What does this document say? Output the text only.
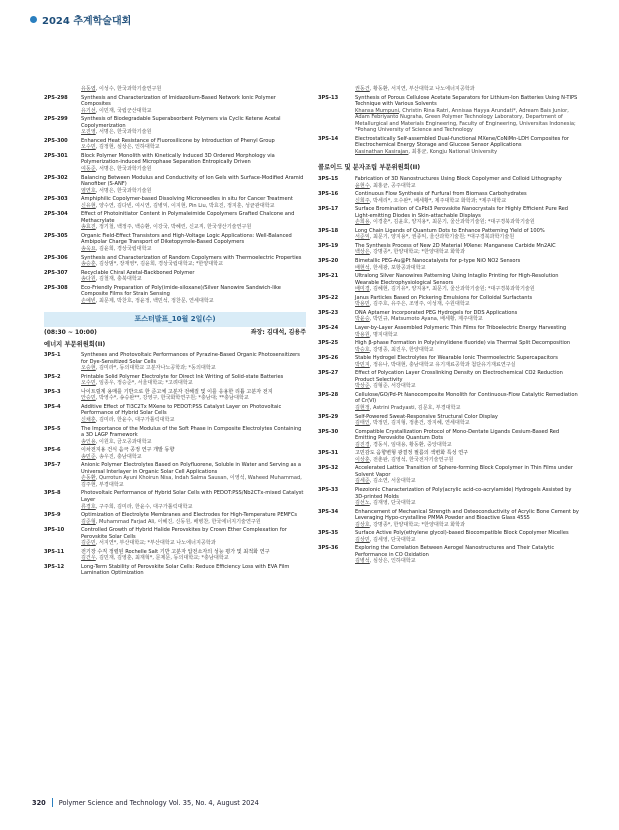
2024 추계학술대회
유동엽, 이성수, 한국과학기술연구원
2PS-298	Synthesis and Characterization of Imidazolium-Based Network Ionic Polymer Composites
유기선, 이민재, 국립군산대학교
2PS-299	Synthesis of Biodegradable Superabsorbent Polymers via Cyclic Ketene Acetal Copolymerization
오진영, 서명은, 한국과학기술원
2PS-300	Enhanced Heat Resistance of Fluorosilicone by Introduction of Phenyl Group
오수민, 김정현, 심상은, 인하대학교
2PS-301	Block Polymer Monolith with Kinetically Induced 3D Ordered Morphology via Polymerization-induced Microphase Separation Entropically Driven
여동준, 서명은, 한국과학기술원
2PS-302	Balancing Between Modulus and Conductivity of Ion Gels with Surface-Modified Aramid Nanofiber (S-ANF)
염연호, 서명은, 한국과학기술원
2PS-303	Amphiphilic Copolymer-based Dissolving Microneedles in situ for Cancer Treatment
신유현, 양수연, 김다빈, 여시연, 김병익, 이지현, Pin Liu, 박효진, 정지훈, 성균관대학교
2PS-304	Effect of Photoinitiator Content in Polymaleimide Copolymers Grafted Chalcone and Methacrylate
송효진, 정기철, 백정주, 백승환, 이강국, 박혜린, 신교직, 한국생산기술연구원
2PS-305	Organic Field-Effect Transistors and High-Voltage Logic Applications: Well-Balanced Ambipolar Charge Transport of Diketopyrrole-Based Copolymers
송욱요, 김윤희, 경상국립대학교
2PS-306	Synthesis and Characterization of Random Copolymers with Thermoelectric Properties
송승훈, 김상범*, 장재영*, 김윤희, 경상국립대학교; *한양대학교
2PS-307	Recyclable Chiral Azetal-Backboned Polymer
송다원, 김철재, 충북대학교
2PS-308	Eco-Friendly Preparation of Poly(imide-siloxane)/Silver Nanowire Sandwich-like Composite Films for Strain Sensing
손예빈, 최문제, 박찬호, 정윤정, 백민석, 정찬문, 연세대학교
포스터발표_10월 2일(수)
(08:30 ~ 10:00)	좌장: 김대석, 김용주
에너지 부문위원회(II)
3PS-1	Syntheses and Photovoltaic Performances of Pyrazine-Based Organic Photosensitizers for Dye-Sensitized Solar Cells
오승현, 김미라*, 동의대학교 고분자나노공학과; *동의대학교
3PS-2	Printable Solid Polymer Electrolyte for Direct Ink Writing of Solid-state Batteries
오수민, 임종우, 정승준*, 서울대학교; *고려대학교
3PS-3	나이트릴계 용매를 기반으로 한 준고체 고분자 전해질 및 이를 응용한 리튬 고분자 전지
안승민, 박영수*, 송승완**, 강영구, 한국화학연구원; *충남대; **충남대학교
3PS-4	Additive Effect of Ti3C2Tx MXene to PEDOT:PSS Catalyst Layer on Photovoltaic Performance of Hybrid Solar Cells
신채훈, 김미라, 한윤수, 대구가톨릭대학교
3PS-5	The Importance of the Modulus of the Soft Phase in Composite Electrolytes Containing a 3D LAGP Framework
송인용, 이원호, 금오공과대학교
3PS-6	이차전지용 건식 음극 공정 연구 개발 동향
송민준, 송우진, 충남대학교
3PS-7	Anionic Polymer Electrolytes Based on Polyfluorene, Soluble in Water and Serving as a Universal Interlayer in Organic Solar Cell Applications
손동환, Qurrotun Ayuni Khoirun Nisa, Indah Salma Sausan, 이영석, Waheed Muhammad, 김주현, 부경대학교
3PS-8	Photovoltaic Performance of Hybrid Solar Cells with PEDOT:PSS/Nb2CTx-mixed Catalyst Layer
류경호, 구주희, 김미라, 한윤수, 대구가톨릭대학교
3PS-9	Optimization of Electrolyte Membranes and Electrodes for High-Temperature PEMFCs
김준형, Muhammad Farjad Ali, 이혜진, 신동원, 배병찬, 한국에너지기술연구원
3PS-10	Controlled Growth of Hybrid Halide Perovskites by Crown Ether Complexation for Perovskite Solar Cells
김준민, 서지연*, 부산대학교; *부산대학교 나노에너지공학과
3PS-11	전기장 수직 정렬된 Rochelle Salt 기반 고분자 압전소자의 성능 평가 및 최적화 연구
김건우, 김민재, 김영훈, 최재혁*, 문제문, 동의대학교; *충남대학교
3PS-12	Long-Term Stability of Perovskite Solar Cells: Reduce Efficiency Loss with EVA Film Lamination Optimization
권동건, 황동환, 서지연, 부산대학교 나노에너지공학과
3PS-13	Synthesis of Porous Cellulose Acetate Separators for Lithium-Ion Batteries Using N-TIPS Technique with Various Solvents
Khansa Mumpuni, Christin Rina Ratri, Annisaa Hayya Arundati*, Adream Bais Junior, Adam Febriyanto Nugraha, Green Polymer Technology Laboratory, Department of Metallurgical and Materials Engineering, Faculty of Engineering, Universitas Indonesia; *Pohang University of Science and Technology
3PS-14	Electrostatically Self-assembled Dual-functional MXene/CoNiMn-LDH Composites for Electrochemical Energy Storage and Glucose Sensor Applications
Kasinathan Kasirajan, 최홍균, Kongju National University
콜로이드 및 분자조립 부문위원회(II)
3PS-15	Fabrication of 3D Nanostructures Using Block Copolymer and Colloid Lithography
윤현수, 최홍균, 공주대학교
3PS-16	Continuous Flow Synthesis of Furfural from Biomass Carbohydrates
신희주, 박세리*, 오수완*, 배세황*, 제주대학교 화학과; *제주대학교
3PS-17	Surface Bromination of CsPbI3 Perovskite Nanocrystals for Highly Efficient Pure Red Light-emitting Diodes in Skin-attachable Displays
손희용, 이경훈*, 김윤호, 양지용*, 최문기, 울산과학기술원; *대구경북과학기술원
3PS-18	Long Chain Ligands of Quantum Dots to Enhance Patterning Yield of 100%
서준익, 최문기, 양지용*, 권종익, 울산과학기술원; *대구경북과학기술원
3PS-19	The Synthesis Process of New 2D Material MXene: Manganese Carbide Mn2AlC
백상은, 강명종*, 한양대학교; *한양대학교 화학과
3PS-20	Bimetallic PEG-Au@Pt Nanocatalysts for p-type NiO NO2 Sensors
배현석, 한세광, 포항공과대학교
3PS-21	Ultralong Silver Nanowires Patterning Using Intaglio Printing for High-Resolution Wearable Electrophysiological Sensors
배미경, 김혜현, 김기유*, 양지용*, 최문기, 울산과학기술원; *대구경북과학기술원
3PS-22	Janus Particles Based on Pickering Emulsions for Colloidal Surfactants
박용민, 김주호, 유주은, 조영주, 이성재, 수원대학교
3PS-23	DNA Aptamer Incorporated PEG Hydrogels for DDS Applications
박윤승, 박민규, Matsumoto Ayana, 배세황, 제주대학교
3PS-24	Layer-by-Layer Assembled Polymeric Thin Films for Triboelectric Energy Harvesting
박용원, 명지대학교
3PS-25	High β-phase Formation in Poly(vinylidene fluoride) via Thermal Split Decomposition
박승호, 강명종, 최진우, 한양대학교
3PS-26	Stable Hydrogel Electrolytes for Wearable Ionic Thermoelectric Supercapacitors
박민지, 정유나, 박대현, 충남대학교 유기재료공학과 첨단유기재료연구실
3PS-27	Effect of Polycation Layer Crosslinking Density on Electrochemical CO2 Reduction Product Selectivity
박상준, 김형준, 서강대학교
3PS-28	Cellulose/GO/Pd-Pt Nanocomposite Monolith for Continuous-Flow Catalytic Remediation of Cr(VI)
김현정, Astrini Pradyasti, 김문호, 부경대학교
3PS-29	Self-Powered Sweat-Responsive Structural Color Display
김태인, 박정민, 김지형, 정춘건, 장지혜, 연세대학교
3PS-30	Compatible Crystallization Protocol of Mono-Dentate Ligands Cesium-Based Red Emitting Perovskite Quantum Dots
김진경, 경동식, 임대용, 황동환, 중앙대학교
3PS-31	고민감도 음향변형 광결정 필름의 색변화 특성 연구
이상훈, 전춘완, 김영석, 한국전자기술연구원
3PS-32	Accelerated Lattice Transition of Sphere-forming Block Copolymer in Thin Films under Solvent Vapor
김세준, 김소연, 서울대학교
3PS-33	Piezoionic Characterization of Poly(acrylic acid-co-acrylamide) Hydrogels Assisted by 3D-printed Molds
김선노, 김재영, 단국대학교
3PS-34	Enhancement of Mechanical Strength and Osteoconductivity of Acrylic Bone Cement by Leveraging Hypo-crystalline PMMA Powder and Bioactive Glass 45S5
김상호, 강명종*, 한양대학교; *한양대학교 화학과
3PS-35	Surface Active Poly(ethylene glycol)-based Biocompatible Block Copolymer Micelles
김상민, 김세영, 단국대학교
3PS-36	Exploring the Correlation Between Aerogel Nanostructures and Their Catalytic Performance in CO Oxidation
김병석, 심상은, 인하대학교
320 Polymer Science and Technology Vol. 35, No. 4, August 2024
